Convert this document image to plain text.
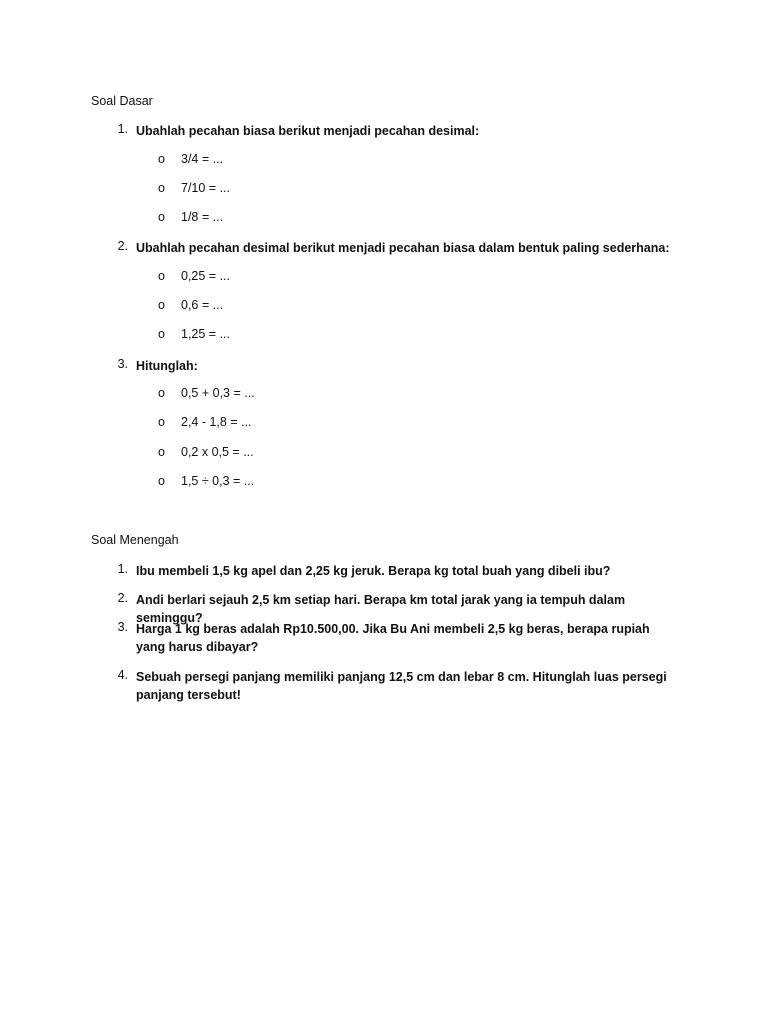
Soal Dasar
1. Ubahlah pecahan biasa berikut menjadi pecahan desimal:
o 3/4 = ...
o 7/10 = ...
o 1/8 = ...
2. Ubahlah pecahan desimal berikut menjadi pecahan biasa dalam bentuk paling sederhana:
o 0,25 = ...
o 0,6 = ...
o 1,25 = ...
3. Hitunglah:
o 0,5 + 0,3 = ...
o 2,4 - 1,8 = ...
o 0,2 x 0,5 = ...
o 1,5 ÷ 0,3 = ...
Soal Menengah
1. Ibu membeli 1,5 kg apel dan 2,25 kg jeruk. Berapa kg total buah yang dibeli ibu?
2. Andi berlari sejauh 2,5 km setiap hari. Berapa km total jarak yang ia tempuh dalam seminggu?
3. Harga 1 kg beras adalah Rp10.500,00. Jika Bu Ani membeli 2,5 kg beras, berapa rupiah yang harus dibayar?
4. Sebuah persegi panjang memiliki panjang 12,5 cm dan lebar 8 cm. Hitunglah luas persegi panjang tersebut!
